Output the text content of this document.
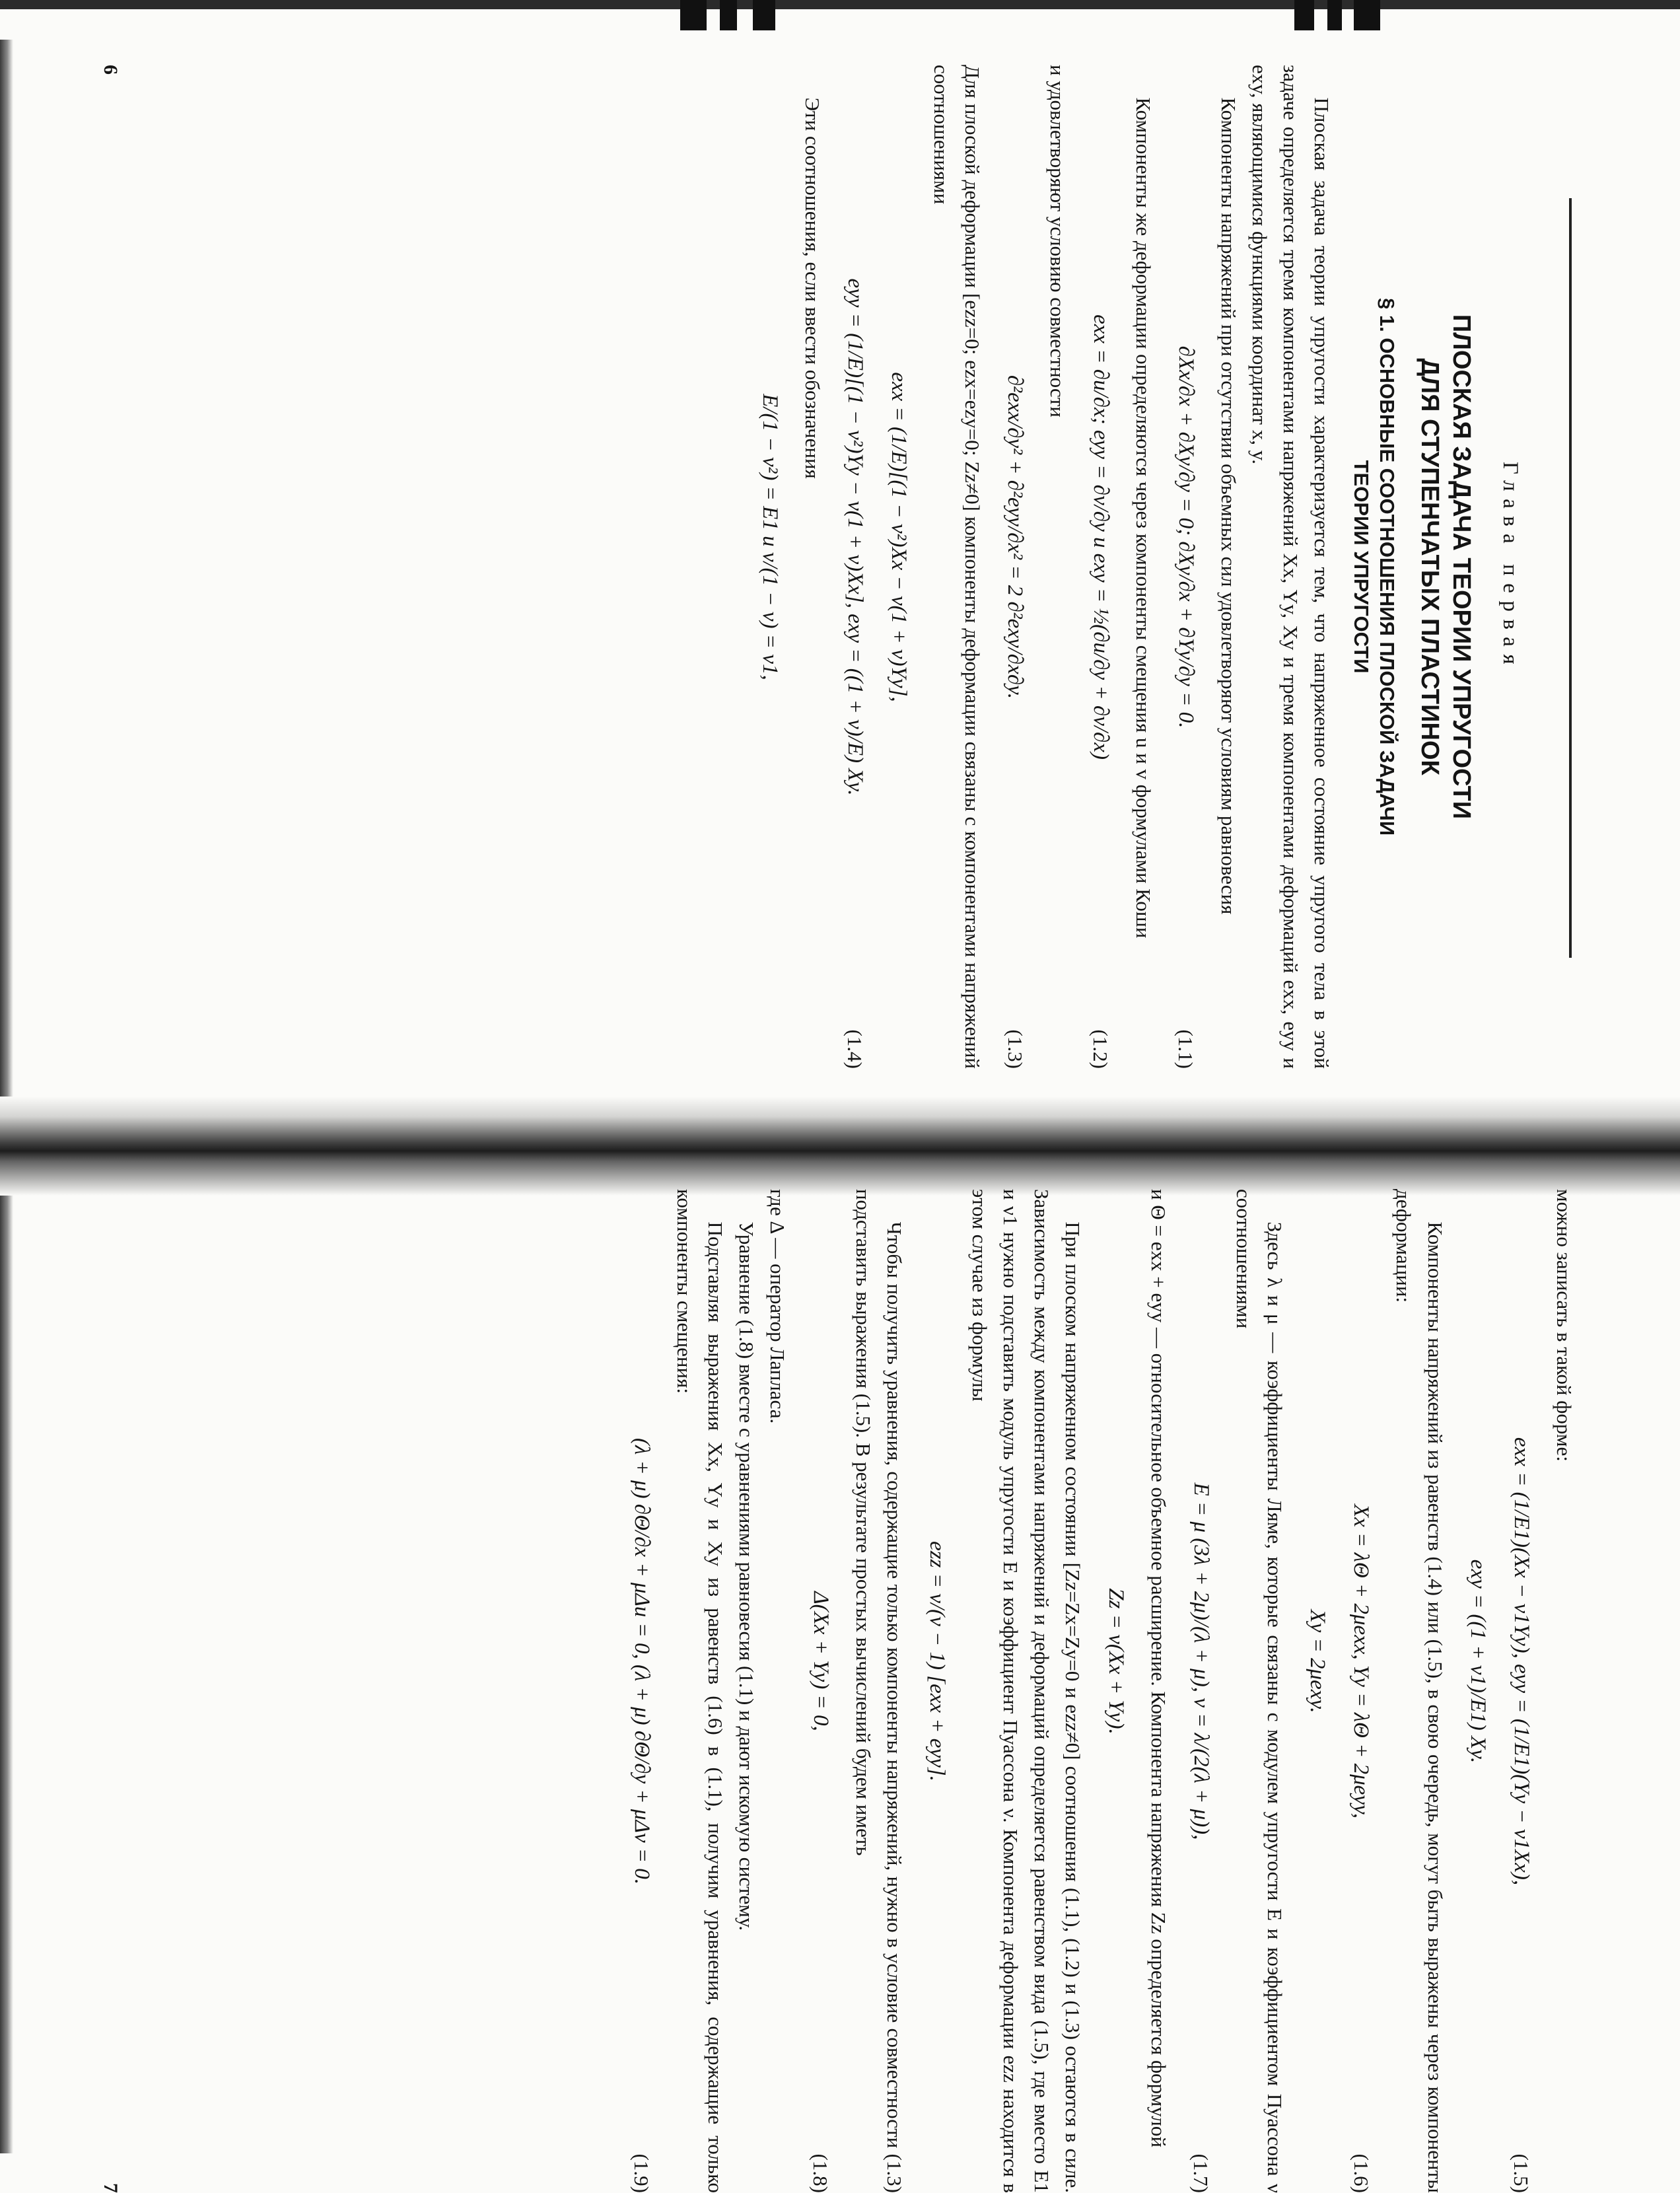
Глава первая
ПЛОСКАЯ ЗАДАЧА ТЕОРИИ УПРУГОСТИ
ДЛЯ СТУПЕНЧАТЫХ ПЛАСТИНОК
§ 1. ОСНОВНЫЕ СООТНОШЕНИЯ ПЛОСКОЙ ЗАДАЧИ
ТЕОРИИ УПРУГОСТИ

Плоская задача теории упругости характеризуется тем, что напряженное состояние упругого тела в этой задаче определяется тремя компонентами напряжений Xx, Yy, Xy и тремя компонентами деформаций exx, eyy и exy, являющимися функциями координат x, y.

Компоненты напряжений при отсутствии объемных сил удовлетворяют условиям равновесия

∂Xx/∂x + ∂Xy/∂y = 0; ∂Xy/∂x + ∂Yy/∂y = 0.
(1.1)

Компоненты же деформации определяются через компоненты смещения u и v формулами Коши

exx = ∂u/∂x; eyy = ∂v/∂y и exy = ½(∂u/∂y + ∂v/∂x)
(1.2)

и удовлетворяют условию совместности

∂²exx/∂y² + ∂²eyy/∂x² = 2 ∂²exy/∂x∂y.
(1.3)

Для плоской деформации [ezz=0; ezx=ezy=0; Zz≠0] компоненты деформации связаны с компонентами напряжений соотношениями

exx = (1/E)[(1 − ν²)Xx − ν(1 + ν)Yy],
eyy = (1/E)[(1 − ν²)Yy − ν(1 + ν)Xx], exy = ((1 + ν)/E) Xy.
(1.4)

Эти соотношения, если ввести обозначения

E/(1 − ν²) = E1 и ν/(1 − ν) = ν1,
6

можно записать в такой форме:

exx = (1/E1)(Xx − ν1Yy), eyy = (1/E1)(Yy − ν1Xx),
(1.5)
exy = ((1 + ν1)/E1) Xy.

Компоненты напряжений из равенств (1.4) или (1.5), в свою очередь, могут быть выражены через компоненты деформации:

Xx = λΘ + 2μexx, Yy = λΘ + 2μeyy,
(1.6)
Xy = 2μexy.

Здесь λ и μ — коэффициенты Ляме, которые связаны с модулем упругости E и коэффициентом Пуассона ν соотношениями

E = μ (3λ + 2μ)/(λ + μ), ν = λ/(2(λ + μ)),
(1.7)

и Θ = exx + eyy — относительное объемное расширение. Компонента напряжения Zz определяется формулой

Zz = ν(Xx + Yy).

При плоском напряженном состоянии [Zz=Zx=Zy=0 и ezz≠0] соотношения (1.1), (1.2) и (1.3) остаются в силе. Зависимость между компонентами напряжений и деформаций определяется равенством вида (1.5), где вместо E1 и ν1 нужно подставить модуль упругости E и коэффициент Пуассона ν. Компонента деформации ezz находится в этом случае из формулы

ezz = ν/(ν − 1) [exx + eyy].

Чтобы получить уравнения, содержащие только компоненты напряжений, нужно в условие совместности (1.3) подставить выражения (1.5). В результате простых вычислений будем иметь

Δ(Xx + Yy) = 0,
(1.8)

где Δ — оператор Лапласа.

Уравнение (1.8) вместе с уравнениями равновесия (1.1) и дают искомую систему.

Подставляя выражения Xx, Yy и Xy из равенств (1.6) в (1.1), получим уравнения, содержащие только компоненты смещения:

(λ + μ) ∂Θ/∂x + μΔu = 0, (λ + μ) ∂Θ/∂y + μΔv = 0.
(1.9)
7
